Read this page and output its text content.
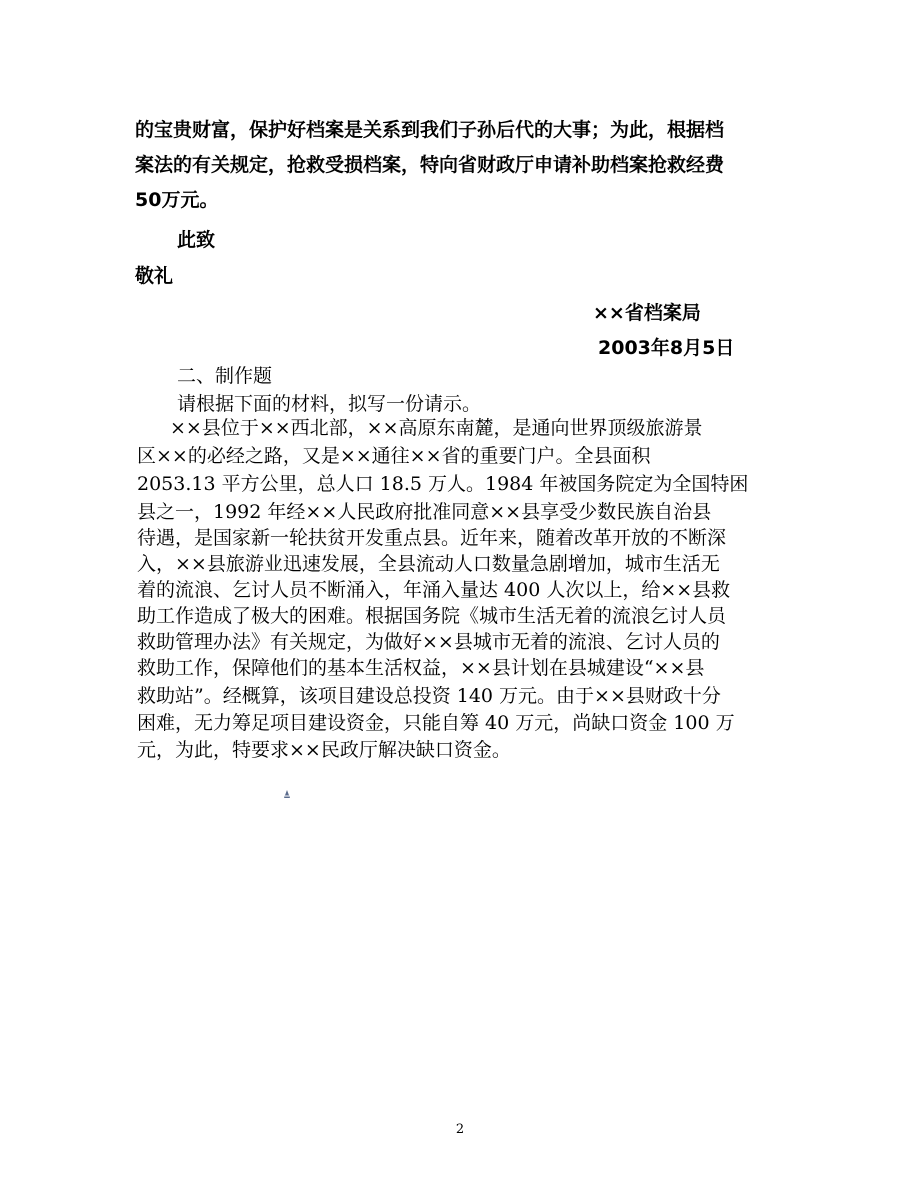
的宝贵财富，保护好档案是关系到我们子孙后代的大事；为此，根据档
案法的有关规定，抢救受损档案，特向省财政厅申请补助档案抢救经费
50万元。
此致
敬礼
××省档案局
2003年8月5日
二、制作题
请根据下面的材料，拟写一份请示。
××县位于××西北部，××高原东南麓，是通向世界顶级旅游景
区××的必经之路，又是××通往××省的重要门户。全县面积
2053.13 平方公里，总人口 18.5 万人。1984 年被国务院定为全国特困
县之一，1992 年经××人民政府批准同意××县享受少数民族自治县
待遇，是国家新一轮扶贫开发重点县。近年来，随着改革开放的不断深
入，××县旅游业迅速发展，全县流动人口数量急剧增加，城市生活无
着的流浪、乞讨人员不断涌入，年涌入量达 400 人次以上，给××县救
助工作造成了极大的困难。根据国务院《城市生活无着的流浪乞讨人员
救助管理办法》有关规定，为做好××县城市无着的流浪、乞讨人员的
救助工作，保障他们的基本生活权益，××县计划在县城建设“××县
救助站”。经概算，该项目建设总投资 140 万元。由于××县财政十分
困难，无力筹足项目建设资金，只能自筹 40 万元，尚缺口资金 100 万
元，为此，特要求××民政厅解决缺口资金。
2
